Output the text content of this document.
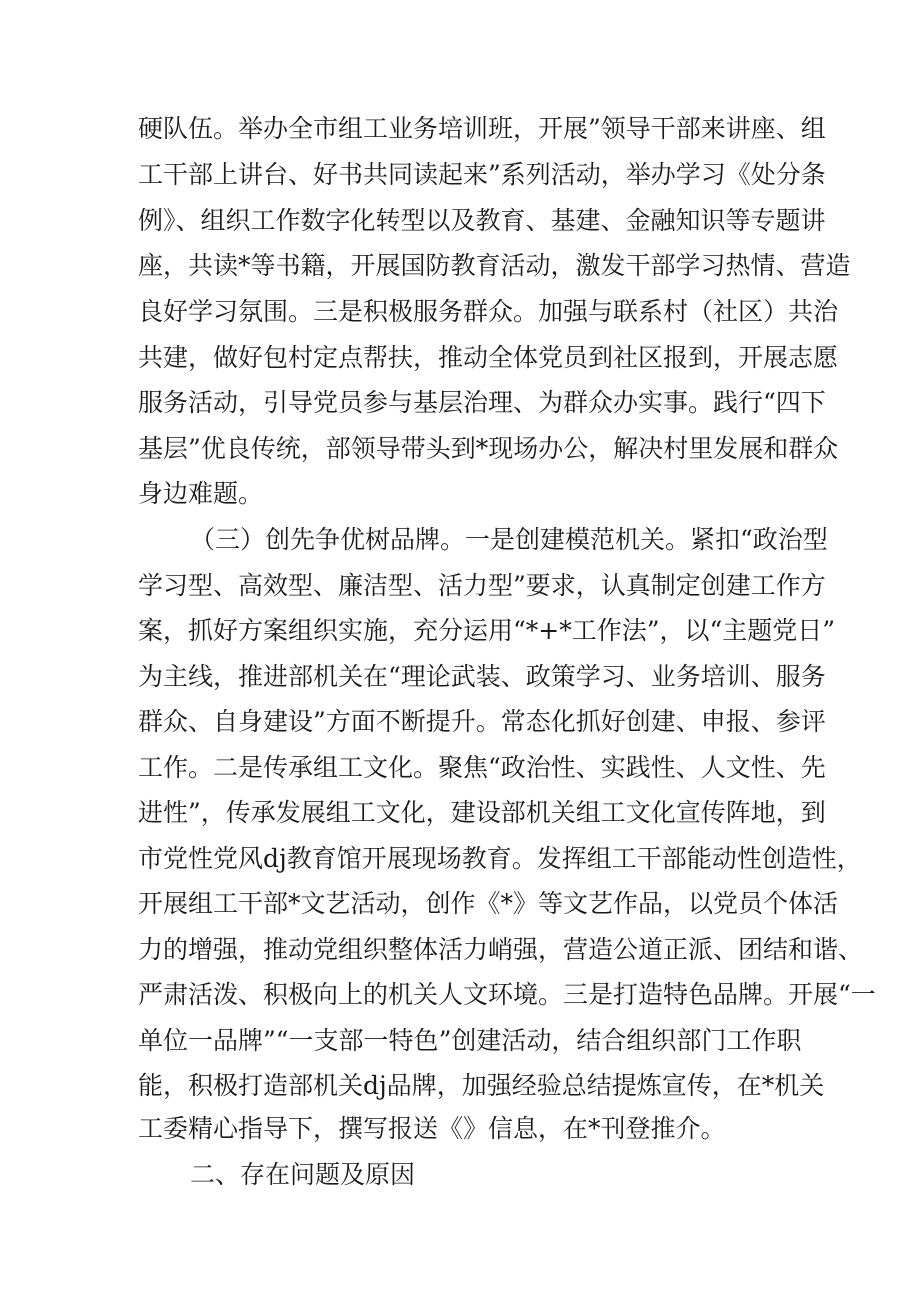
硬队伍。举办全市组工业务培训班，开展”领导干部来讲座、组
工干部上讲台、好书共同读起来”系列活动，举办学习《处分条
例》、组织工作数字化转型以及教育、基建、金融知识等专题讲
座，共读*等书籍，开展国防教育活动，激发干部学习热情、营造
良好学习氛围。三是积极服务群众。加强与联系村（社区）共治
共建，做好包村定点帮扶，推动全体党员到社区报到，开展志愿
服务活动，引导党员参与基层治理、为群众办实事。践行“四下
基层”优良传统，部领导带头到*现场办公，解决村里发展和群众
身边难题。
（三）创先争优树品牌。一是创建模范机关。紧扣“政治型
学习型、高效型、廉洁型、活力型”要求，认真制定创建工作方
案，抓好方案组织实施，充分运用“*+*工作法”，以“主题党日”
为主线，推进部机关在“理论武装、政策学习、业务培训、服务
群众、自身建设”方面不断提升。常态化抓好创建、申报、参评
工作。二是传承组工文化。聚焦“政治性、实践性、人文性、先
进性”，传承发展组工文化，建设部机关组工文化宣传阵地，到
市党性党风dj教育馆开展现场教育。发挥组工干部能动性创造性，
开展组工干部*文艺活动，创作《*》等文艺作品，以党员个体活
力的增强，推动党组织整体活力峭强，营造公道正派、团结和谐、
严肃活泼、积极向上的机关人文环境。三是打造特色品牌。开展“一
单位一品牌”“一支部一特色”创建活动，结合组织部门工作职
能，积极打造部机关dj品牌，加强经验总结提炼宣传，在*机关
二、存在问题及原因
工委精心指导下，撰写报送《》信息，在*刊登推介。
